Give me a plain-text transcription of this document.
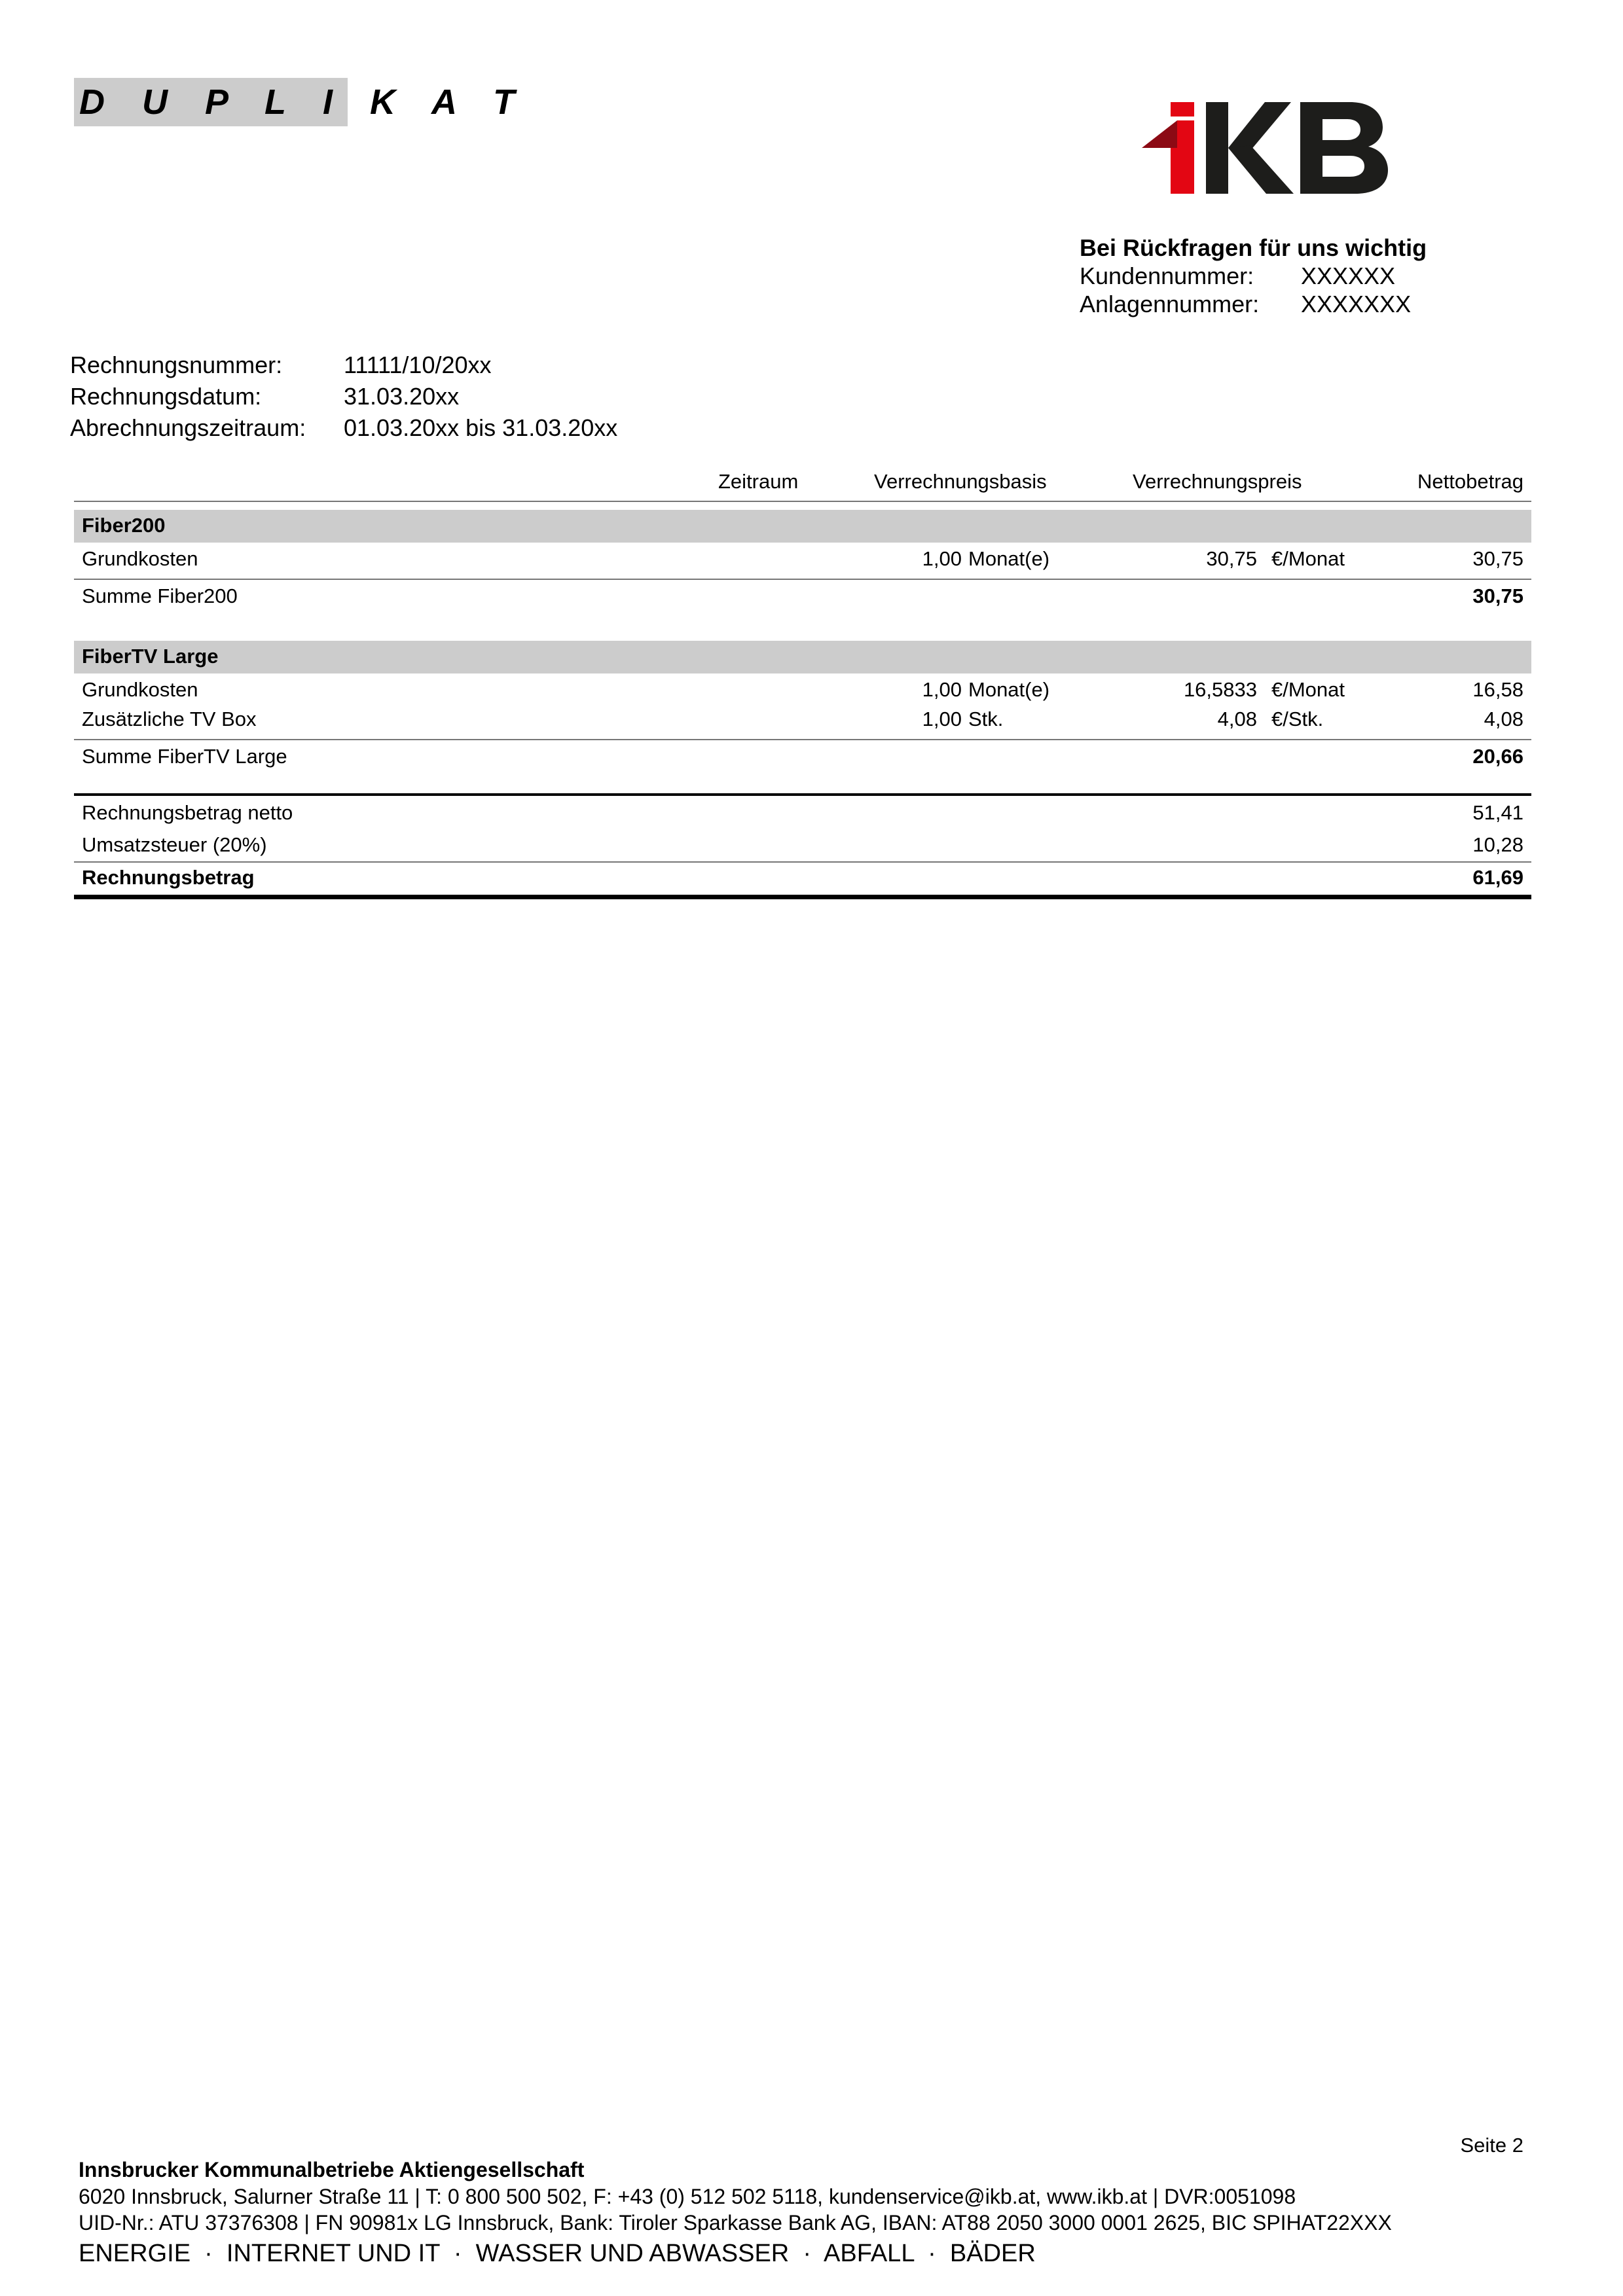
D U P L I K A T
Bei Rückfragen für uns wichtig
Kundennummer: XXXXXX
Anlagennummer: XXXXXXX
Rechnungsnummer:	11111/10/20xx
Rechnungsdatum:	31.03.20xx
Abrechnungszeitraum: 01.03.20xx bis 31.03.20xx
Zeitraum	Verrechnungsbasis	Verrechnungspreis	Nettobetrag
Fiber200
Grundkosten	1,00 Monat(e)	30,75 €/Monat	30,75
Summe Fiber200	30,75
FiberTV Large
Grundkosten	1,00 Monat(e)	16,5833 €/Monat	16,58
Zusätzliche TV Box	1,00 Stk.	4,08 €/Stk.	4,08
Summe FiberTV Large	20,66
Rechnungsbetrag netto	51,41
Umsatzsteuer (20%)	10,28
Rechnungsbetrag	61,69
Seite 2
Innsbrucker Kommunalbetriebe Aktiengesellschaft
6020 Innsbruck, Salurner Straße 11 | T: 0 800 500 502, F: +43 (0) 512 502 5118, kundenservice@ikb.at, www.ikb.at | DVR:0051098
UID-Nr.: ATU 37376308 | FN 90981x LG Innsbruck, Bank: Tiroler Sparkasse Bank AG, IBAN: AT88 2050 3000 0001 2625, BIC SPIHAT22XXX
ENERGIE  ·  INTERNET UND IT  ·  WASSER UND ABWASSER  ·  ABFALL  ·  BÄDER
